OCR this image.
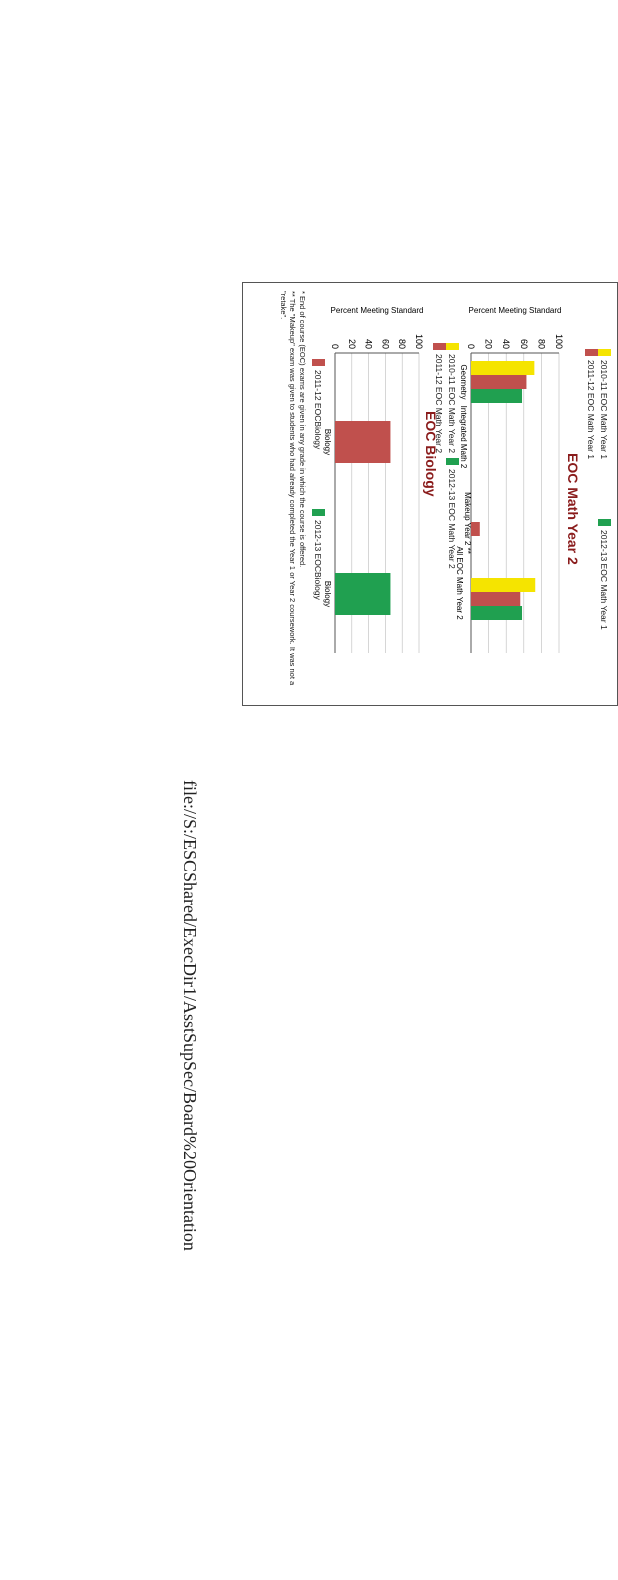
file://S:/ESCShared/ExecDir1/AsstSupSec/Board%20Orientation
2010-11 EOC Math Year 1
2011-12 EOC Math Year 1
2012-13 EOC Math Year 1
EOC Math Year 2
Percent Meeting Standard
0 20 40 60 80 100
Geometry
Integrated Math 2
Makeup Year 2 **
All EOC Math Year 2
2010-11 EOC Math Year 2
2011-12 EOC Math Year 2
2012-13 EOC Math Year 2
EOC Biology
Percent Meeting Standard
0 20 40 60 80 100
Biology
Biology
2011-12 EOCBiology
2012-13 EOCBiology
* End of course (EOC) exams are given in any grade in which the course is offered.
** The "Makeup" exam was given to students who had already completed the Year 1 or Year 2 coursework. It was not a "retake".
